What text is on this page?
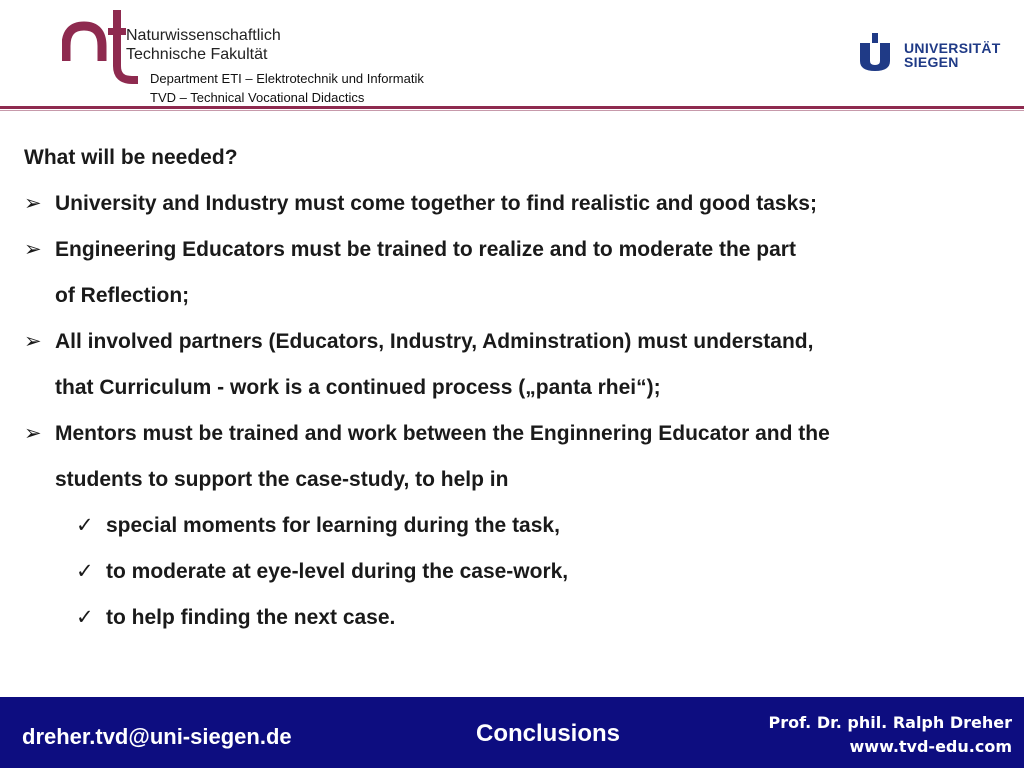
Naturwissenschaftlich
Technische Fakultät
Department ETI – Elektrotechnik und Informatik
TVD – Technical Vocational Didactics
UNIVERSITÄT
SIEGEN
What will be needed?
➢ University and Industry must come together to find realistic and good tasks;
➢ Engineering Educators must be trained to realize and to moderate the part
of Reflection;
➢ All involved partners (Educators, Industry, Adminstration) must understand,
that Curriculum - work is a continued process („panta rhei“);
➢ Mentors must be trained and work between the Enginnering Educator and the
students to support the case-study, to help in
✓ special moments for learning during the task,
✓ to moderate at eye-level during the case-work,
✓ to help finding the next case.
dreher.tvd@uni-siegen.de	Conclusions	Prof. Dr. phil. Ralph Dreher
www.tvd-edu.com
